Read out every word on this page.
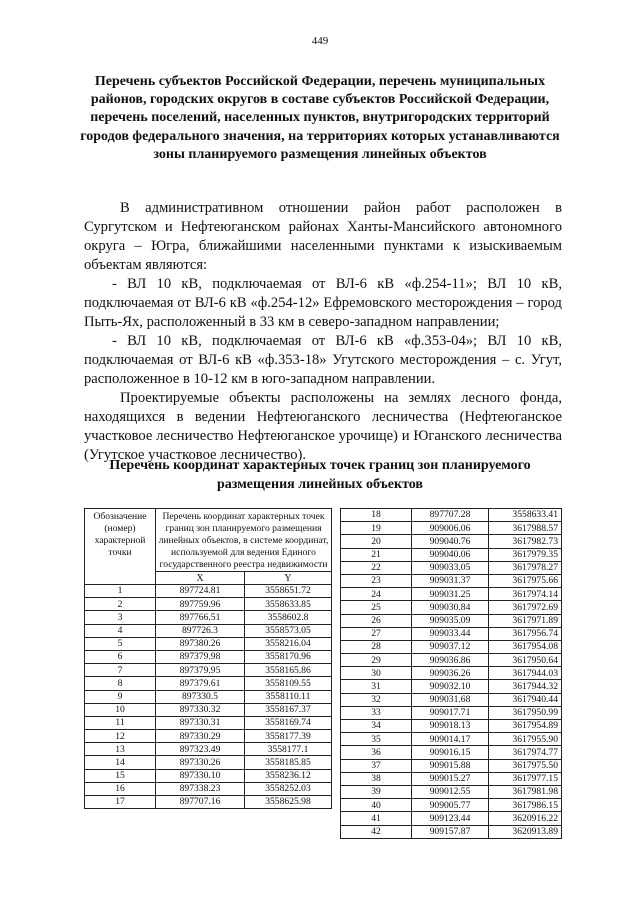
449
Перечень субъектов Российской Федерации, перечень муниципальных районов, городских округов в составе субъектов Российской Федерации, перечень поселений, населенных пунктов, внутригородских территорий городов федерального значения, на территориях которых устанавливаются зоны планируемого размещения линейных объектов

В административном отношении район работ расположен в Сургутском и Нефтеюганском районах Ханты-Мансийского автономного округа – Югра, ближайшими населенными пунктами к изыскиваемым объектам являются:

- ВЛ 10 кВ, подключаемая от ВЛ-6 кВ «ф.254-11»; ВЛ 10 кВ, подключаемая от ВЛ-6 кВ «ф.254-12» Ефремовского месторождения – город Пыть-Ях, расположенный в 33 км в северо-западном направлении;

- ВЛ 10 кВ, подключаемая от ВЛ-6 кВ «ф.353-04»; ВЛ 10 кВ, подключаемая от ВЛ-6 кВ «ф.353-18» Угутского месторождения – с. Угут, расположенное в 10-12 км в юго-западном направлении.

Проектируемые объекты расположены на землях лесного фонда, находящихся в ведении Нефтеюганского лесничества (Нефтеюганское участковое лесничество Нефтеюганское урочище) и Юганского лесничества (Угутское участковое лесничество).

Перечень координат характерных точек границ зон планируемого размещения линейных объектов
Обозначение (номер) характерной точки	Перечень координат характерных точек границ зон планируемого размещения линейных объектов, в системе координат, используемой для ведения Единого государственного реестра недвижимости	
	X	Y
1	897724.81	3558651.72
2	897759.96	3558633.85
3	897766.51	3558602.8
4	897726.3	3558573.05
5	897380.26	3558216.04
6	897379.98	3558170.96
7	897379.95	3558165.86
8	897379.61	3558109.55
9	897330.5	3558110.11
10	897330.32	3558167.37
11	897330.31	3558169.74
12	897330.29	3558177.39
13	897323.49	3558177.1
14	897330.26	3558185.85
15	897330.10	3558236.12
16	897338.23	3558252.03
17	897707.16	3558625.98
18	897707.28	3558633.41
19	909006.06	3617988.57
20	909040.76	3617982.73
21	909040.06	3617979.35
22	909033.05	3617978.27
23	909031.37	3617975.66
24	909031.25	3617974.14
25	909030.84	3617972.69
26	909035.09	3617971.89
27	909033.44	3617956.74
28	909037.12	3617954.08
29	909036.86	3617950.64
30	909036.26	3617944.03
31	909032.10	3617944.32
32	909031.68	3617940.44
33	909017.71	3617950.99
34	909018.13	3617954.89
35	909014.17	3617955.90
36	909016.15	3617974.77
37	909015.88	3617975.50
38	909015.27	3617977.15
39	909012.55	3617981.98
40	909005.77	3617986.15
41	909123.44	3620916.22
42	909157.87	3620913.89
